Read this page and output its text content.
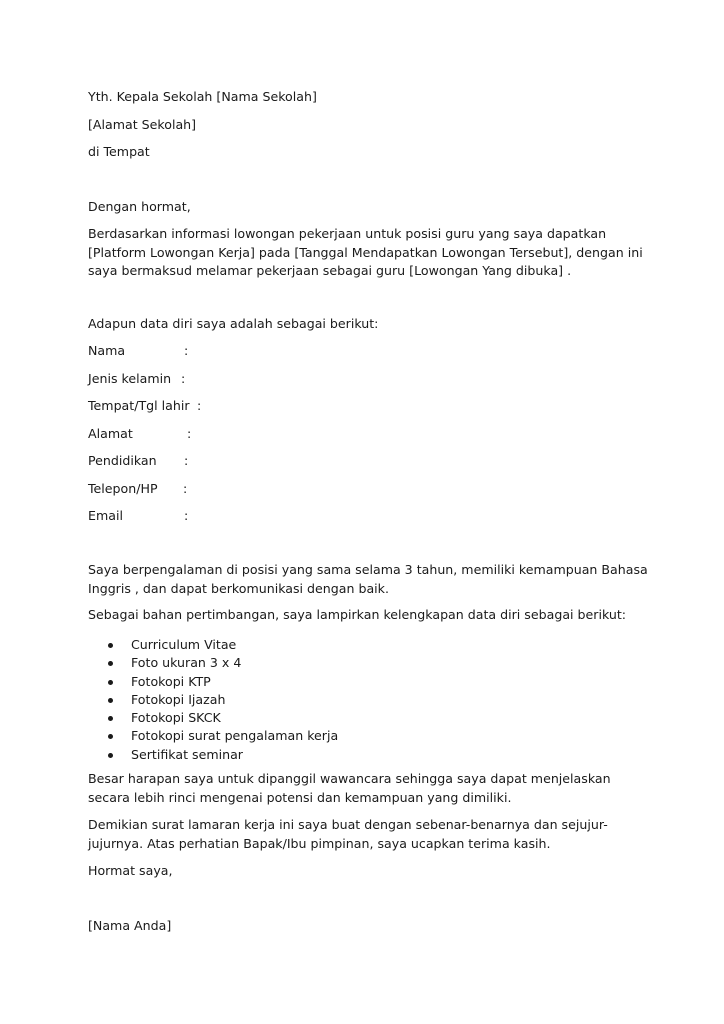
Yth. Kepala Sekolah [Nama Sekolah]
[Alamat Sekolah]
di Tempat
Dengan hormat,
Berdasarkan informasi lowongan pekerjaan untuk posisi guru yang saya dapatkan [Platform Lowongan Kerja] pada [Tanggal Mendapatkan Lowongan Tersebut], dengan ini saya bermaksud melamar pekerjaan sebagai guru [Lowongan Yang dibuka] .
Adapun data diri saya adalah sebagai berikut:
Nama	:
Jenis kelamin :
Tempat/Tgl lahir :
Alamat	:
Pendidikan :
Telepon/HP :
Email	:
Saya berpengalaman di posisi yang sama selama 3 tahun, memiliki kemampuan Bahasa Inggris , dan dapat berkomunikasi dengan baik.
Sebagai bahan pertimbangan, saya lampirkan kelengkapan data diri sebagai berikut:
Curriculum Vitae
Foto ukuran 3 x 4
Fotokopi KTP
Fotokopi Ijazah
Fotokopi SKCK
Fotokopi surat pengalaman kerja
Sertifikat seminar
Besar harapan saya untuk dipanggil wawancara sehingga saya dapat menjelaskan secara lebih rinci mengenai potensi dan kemampuan yang dimiliki.
Demikian surat lamaran kerja ini saya buat dengan sebenar-benarnya dan sejujur-jujurnya. Atas perhatian Bapak/Ibu pimpinan, saya ucapkan terima kasih.
Hormat saya,
[Nama Anda]
